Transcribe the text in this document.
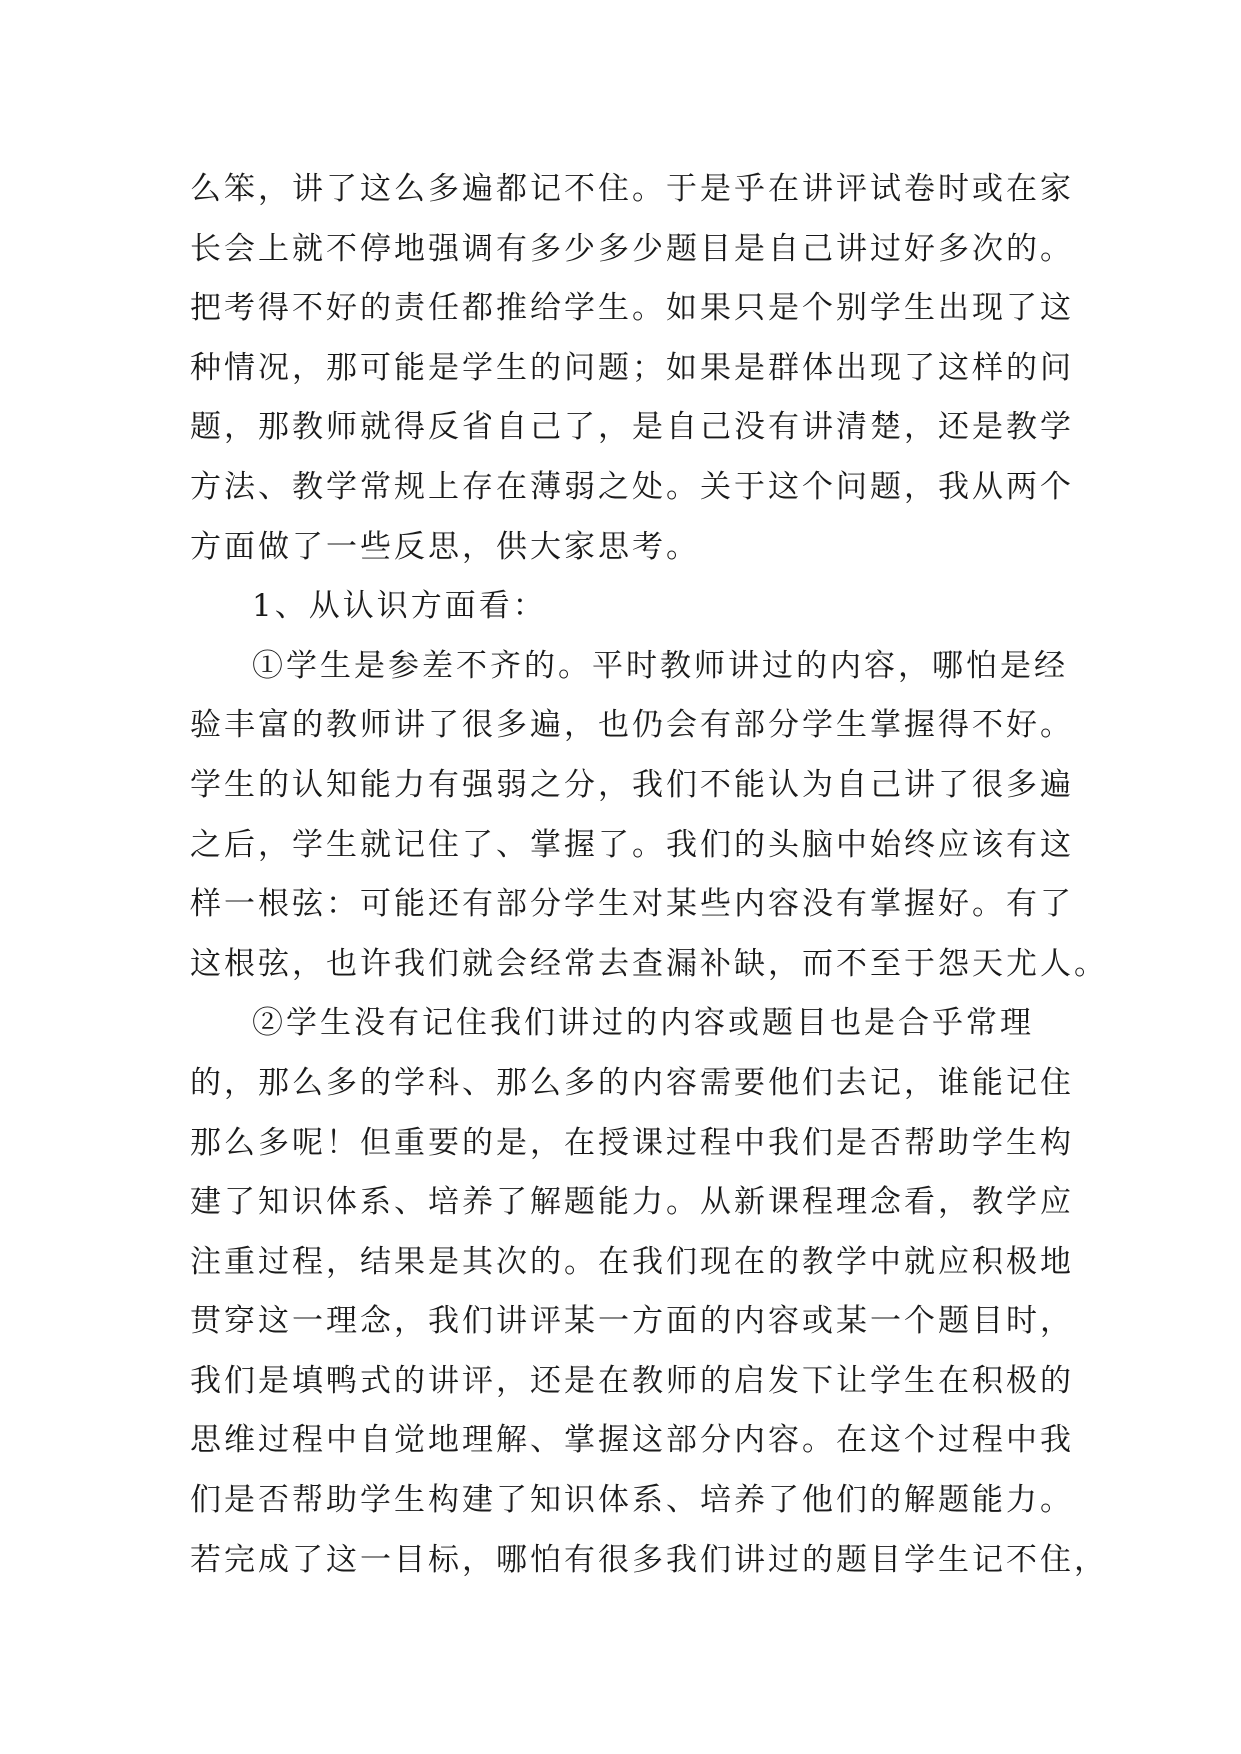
么笨，讲了这么多遍都记不住。于是乎在讲评试卷时或在家
长会上就不停地强调有多少多少题目是自己讲过好多次的。
把考得不好的责任都推给学生。如果只是个别学生出现了这
种情况，那可能是学生的问题；如果是群体出现了这样的问
题，那教师就得反省自己了，是自己没有讲清楚，还是教学
方法、教学常规上存在薄弱之处。关于这个问题，我从两个
方面做了一些反思，供大家思考。
1、从认识方面看：
①学生是参差不齐的。平时教师讲过的内容，哪怕是经
验丰富的教师讲了很多遍，也仍会有部分学生掌握得不好。
学生的认知能力有强弱之分，我们不能认为自己讲了很多遍
之后，学生就记住了、掌握了。我们的头脑中始终应该有这
样一根弦：可能还有部分学生对某些内容没有掌握好。有了
这根弦，也许我们就会经常去查漏补缺，而不至于怨天尤人。
②学生没有记住我们讲过的内容或题目也是合乎常理
的，那么多的学科、那么多的内容需要他们去记，谁能记住
那么多呢！但重要的是，在授课过程中我们是否帮助学生构
建了知识体系、培养了解题能力。从新课程理念看，教学应
注重过程，结果是其次的。在我们现在的教学中就应积极地
贯穿这一理念，我们讲评某一方面的内容或某一个题目时，
我们是填鸭式的讲评，还是在教师的启发下让学生在积极的
思维过程中自觉地理解、掌握这部分内容。在这个过程中我
们是否帮助学生构建了知识体系、培养了他们的解题能力。
若完成了这一目标，哪怕有很多我们讲过的题目学生记不住，
